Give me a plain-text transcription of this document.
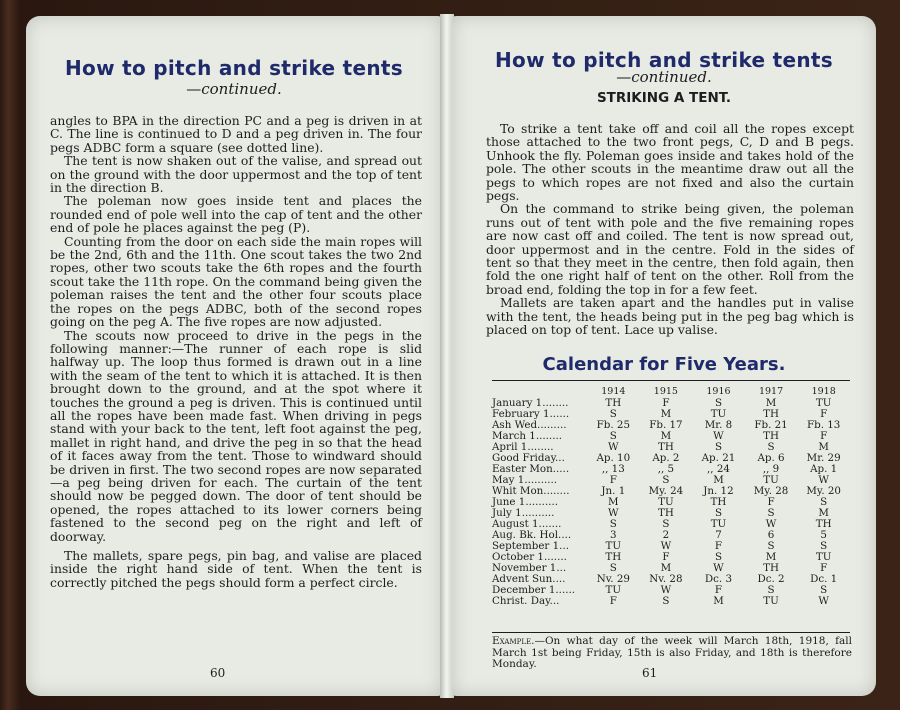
How to pitch and strike tents
—continued.

angles to BPA in the direction PC and a peg is driven in at C. The line is continued to D and a peg driven in. The four pegs ADBC form a square (see dotted line).

The tent is now shaken out of the valise, and spread out on the ground with the door uppermost and the top of tent in the direction B.

The poleman now goes inside tent and places the rounded end of pole well into the cap of tent and the other end of pole he places against the peg (P).

Counting from the door on each side the main ropes will be the 2nd, 6th and the 11th. One scout takes the two 2nd ropes, other two scouts take the 6th ropes and the fourth scout take the 11th rope. On the command being given the poleman raises the tent and the other four scouts place the ropes on the pegs ADBC, both of the second ropes going on the peg A. The five ropes are now adjusted.

The scouts now proceed to drive in the pegs in the following manner:—The runner of each rope is slid halfway up. The loop thus formed is drawn out in a line with the seam of the tent to which it is attached. It is then brought down to the ground, and at the spot where it touches the ground a peg is driven. This is continued until all the ropes have been made fast. When driving in pegs stand with your back to the tent, left foot against the peg, mallet in right hand, and drive the peg in so that the head of it faces away from the tent. Those to windward should be driven in first. The two second ropes are now separated—a peg being driven for each. The curtain of the tent should now be pegged down. The door of tent should be opened, the ropes attached to its lower corners being fastened to the second peg on the right and left of doorway.

The mallets, spare pegs, pin bag, and valise are placed inside the right hand side of tent. When the tent is correctly pitched the pegs should form a perfect circle.

60
How to pitch and strike tents
—continued.
STRIKING A TENT.

To strike a tent take off and coil all the ropes except those attached to the two front pegs, C, D and B pegs. Unhook the fly. Poleman goes inside and takes hold of the pole. The other scouts in the meantime draw out all the pegs to which ropes are not fixed and also the curtain pegs.

On the command to strike being given, the poleman runs out of tent with pole and the five remaining ropes are now cast off and coiled. The tent is now spread out, door uppermost and in the centre. Fold in the sides of tent so that they meet in the centre, then fold again, then fold the one right half of tent on the other. Roll from the broad end, folding the top in for a few feet.

Mallets are taken apart and the handles put in valise with the tent, the heads being put in the peg bag which is placed on top of tent. Lace up valise.

Calendar for Five Years.
	1914	1915	1916	1917	1918
January 1........	TH	F	S	M	TU
February 1......	S	M	TU	TH	F
Ash Wed.........	Fb. 25	Fb. 17	Mr. 8	Fb. 21	Fb. 13
March 1........	S	M	W	TH	F
April 1........	W	TH	S	S	M
Good Friday...	Ap. 10	Ap. 2	Ap. 21	Ap. 6	Mr. 29
Easter Mon.....	,, 13	,, 5	,, 24	,, 9	Ap. 1
May 1..........	F	S	M	TU	W
Whit Mon........	Jn. 1	My. 24	Jn. 12	My. 28	My. 20
June 1..........	M	TU	TH	F	S
July 1..........	W	TH	S	S	M
August 1.......	S	S	TU	W	TH
Aug. Bk. Hol....	3	2	7	6	5
September 1...	TU	W	F	S	S
October 1.......	TH	F	S	M	TU
November 1...	S	M	W	TH	F
Advent Sun....	Nv. 29	Nv. 28	Dc. 3	Dc. 2	Dc. 1
December 1......	TU	W	F	S	S
Christ. Day...	F	S	M	TU	W
Example.—On what day of the week will March 18th, 1918, fall March 1st being Friday, 15th is also Friday, and 18th is therefore Monday.
61
